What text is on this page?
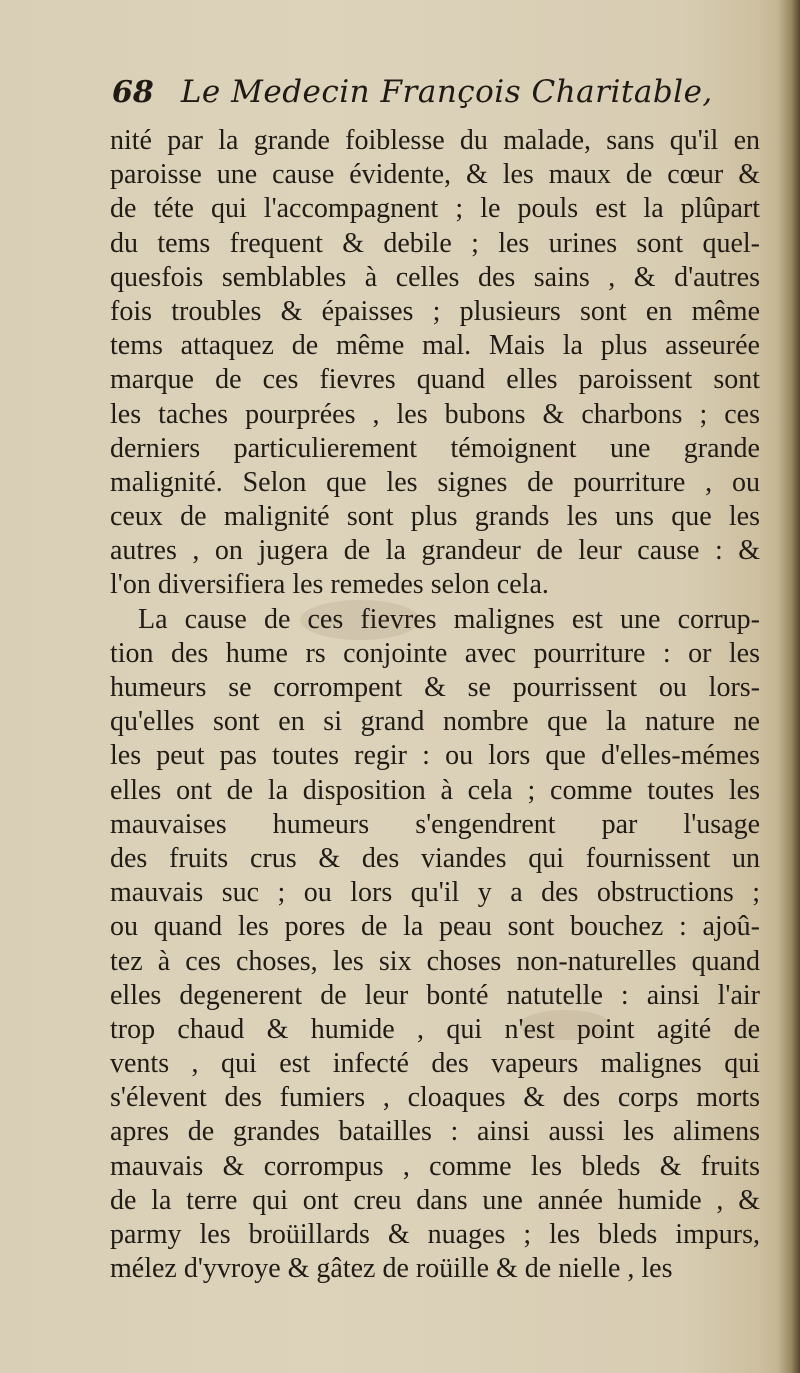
68 Le Medecin François Charitable,
nité par la grande foiblesse du malade, sans qu'il en
paroisse une cause évidente, & les maux de cœur &
de téte qui l'accompagnent ; le pouls est la plûpart
du tems frequent & debile ; les urines sont quel-
quesfois semblables à celles des sains , & d'autres
fois troubles & épaisses ; plusieurs sont en même
tems attaquez de même mal. Mais la plus asseurée
marque de ces fievres quand elles paroissent sont
les taches pourprées , les bubons & charbons ; ces
derniers particulierement témoignent une grande
malignité. Selon que les signes de pourriture , ou
ceux de malignité sont plus grands les uns que les
autres , on jugera de la grandeur de leur cause : &
l'on diversifiera les remedes selon cela.
La cause de ces fievres malignes est une corrup-
tion des hume rs conjointe avec pourriture : or les
humeurs se corrompent & se pourrissent ou lors-
qu'elles sont en si grand nombre que la nature ne
les peut pas toutes regir : ou lors que d'elles-mémes
elles ont de la disposition à cela ; comme toutes les
mauvaises humeurs s'engendrent par l'usage
des fruits crus & des viandes qui fournissent un
mauvais suc ; ou lors qu'il y a des obstructions ;
ou quand les pores de la peau sont bouchez : ajoû-
tez à ces choses, les six choses non-naturelles quand
elles degenerent de leur bonté natutelle : ainsi l'air
trop chaud & humide , qui n'est point agité de
vents , qui est infecté des vapeurs malignes qui
s'élevent des fumiers , cloaques & des corps morts
apres de grandes batailles : ainsi aussi les alimens
mauvais & corrompus , comme les bleds & fruits
de la terre qui ont creu dans une année humide , &
parmy les broüillards & nuages ; les bleds impurs,
mélez d'yvroye & gâtez de roüille & de nielle , les
